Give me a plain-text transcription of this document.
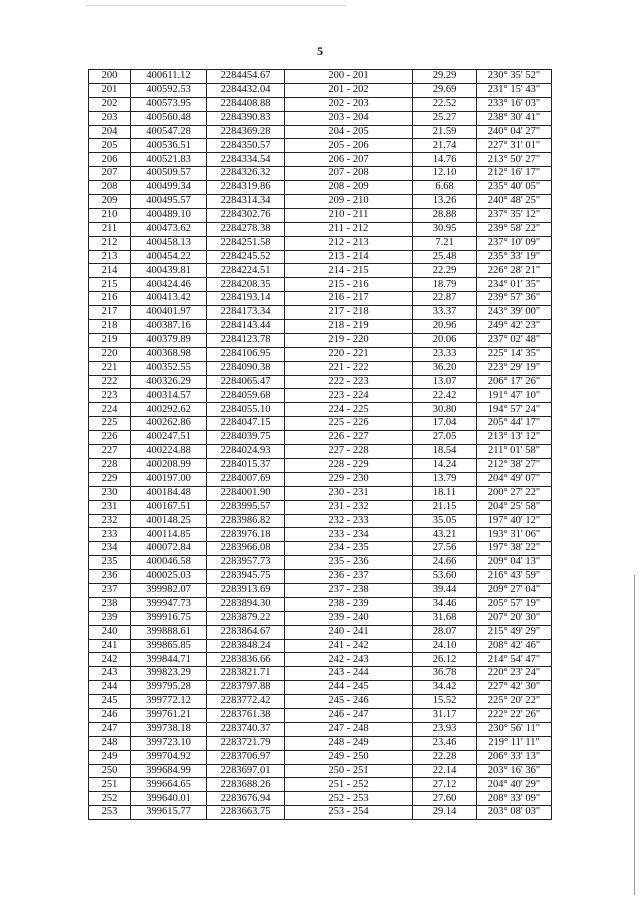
5
200	400611.12	2284454.67	200 - 201	29.29	230° 35' 52"
201	400592.53	2284432.04	201 - 202	29.69	231° 15' 43"
202	400573.95	2284408.88	202 - 203	22.52	233° 16' 03"
203	400560.48	2284390.83	203 - 204	25.27	238° 30' 41"
204	400547.28	2284369.28	204 - 205	21.59	240° 04' 27"
205	400536.51	2284350.57	205 - 206	21.74	227° 31' 01"
206	400521.83	2284334.54	206 - 207	14.76	213° 50' 27"
207	400509.57	2284326.32	207 - 208	12.10	212° 16' 17"
208	400499.34	2284319.86	208 - 209	6.68	235° 40' 05"
209	400495.57	2284314.34	209 - 210	13.26	240° 48' 25"
210	400489.10	2284302.76	210 - 211	28.88	237° 35' 12"
211	400473.62	2284278.38	211 - 212	30.95	239° 58' 22"
212	400458.13	2284251.58	212 - 213	7.21	237° 10' 09"
213	400454.22	2284245.52	213 - 214	25.48	235° 33' 19"
214	400439.81	2284224.51	214 - 215	22.29	226° 28' 21"
215	400424.46	2284208.35	215 - 216	18.79	234° 01' 35"
216	400413.42	2284193.14	216 - 217	22.87	239° 57' 36"
217	400401.97	2284173.34	217 - 218	33.37	243° 39' 00"
218	400387.16	2284143.44	218 - 219	20.96	249° 42' 23"
219	400379.89	2284123.78	219 - 220	20.06	237° 02' 48"
220	400368.98	2284106.95	220 - 221	23.33	225° 14' 35"
221	400352.55	2284090.38	221 - 222	36.20	223° 29' 19"
222	400326.29	2284065.47	222 - 223	13.07	206° 17' 26"
223	400314.57	2284059.68	223 - 224	22.42	191° 47' 10"
224	400292.62	2284055.10	224 - 225	30.80	194° 57' 24"
225	400262.86	2284047.15	225 - 226	17.04	205° 44' 17"
226	400247.51	2284039.75	226 - 227	27.05	213° 13' 12"
227	400224.88	2284024.93	227 - 228	18.54	211° 01' 58"
228	400208.99	2284015.37	228 - 229	14.24	212° 38' 27"
229	400197.00	2284007.69	229 - 230	13.79	204° 49' 07"
230	400184.48	2284001.90	230 - 231	18.11	200° 27' 22"
231	400167.51	2283995.57	231 - 232	21.15	204° 25' 58"
232	400148.25	2283986.82	232 - 233	35.05	197° 40' 12"
233	400114.85	2283976.18	233 - 234	43.21	193° 31' 06"
234	400072.84	2283966.08	234 - 235	27.56	197° 38' 22"
235	400046.58	2283957.73	235 - 236	24.66	209° 04' 13"
236	400025.03	2283945.75	236 - 237	53.60	216° 43' 59"
237	399982.07	2283913.69	237 - 238	39.44	209° 27' 04"
238	399947.73	2283894.30	238 - 239	34.46	205° 57' 19"
239	399916.75	2283879.22	239 - 240	31.68	207° 20' 30"
240	399888.61	2283864.67	240 - 241	28.07	215° 49' 29"
241	399865.85	2283848.24	241 - 242	24.10	208° 42' 46"
242	399844.71	2283836.66	242 - 243	26.12	214° 54' 47"
243	399823.29	2283821.71	243 - 244	36.78	220° 23' 24"
244	399795.28	2283797.88	244 - 245	34.42	227° 42' 30"
245	399772.12	2283772.42	245 - 246	15.52	225° 20' 22"
246	399761.21	2283761.38	246 - 247	31.17	222° 22' 26"
247	399738.18	2283740.37	247 - 248	23.93	230° 56' 11"
248	399723.10	2283721.79	248 - 249	23.46	219° 11' 11"
249	399704.92	2283706.97	249 - 250	22.28	206° 33' 13"
250	399684.99	2283697.01	250 - 251	22.14	203° 16' 36"
251	399664.65	2283688.26	251 - 252	27.12	204° 40' 29"
252	399640.01	2283676.94	252 - 253	27.60	208° 33' 09"
253	399615.77	2283663.75	253 - 254	29.14	203° 08' 03"
